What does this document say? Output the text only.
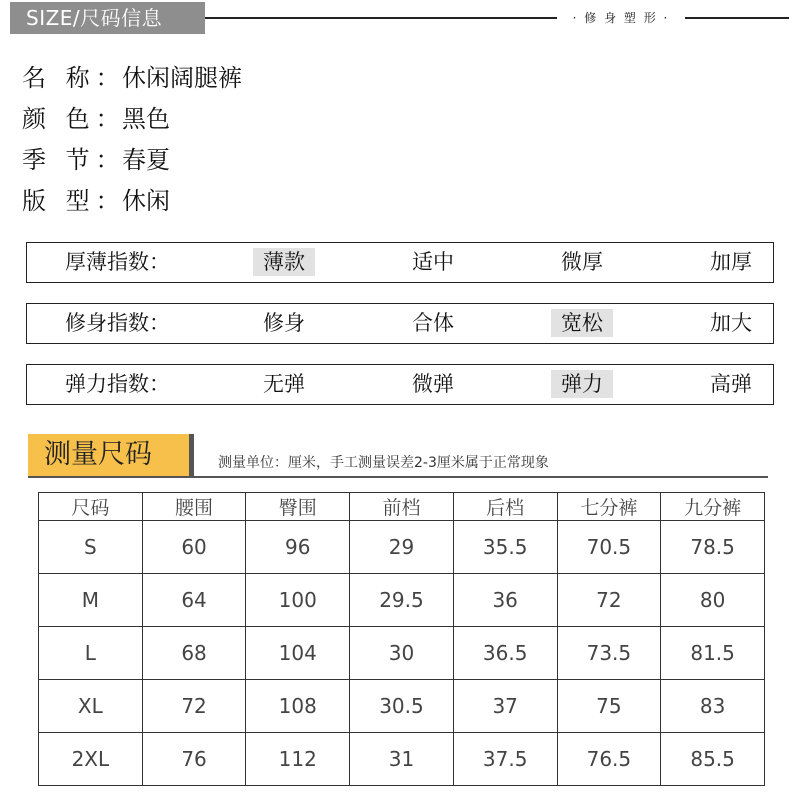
SIZE/尺码信息	· 修 身 塑 形 ·
名 称：休闲阔腿裤
颜 色：黑色
季 节：春夏
版 型：休闲
厚薄指数：	薄款	适中	微厚	加厚
修身指数：	修身	合体	宽松	加大
弹力指数：	无弹	微弹	弹力	高弹
测量尺码	测量单位：厘米，手工测量误差2-3厘米属于正常现象
尺码	腰围	臀围	前档	后档	七分裤	九分裤
S	60	96	29	35.5	70.5	78.5
M	64	100	29.5	36	72	80
L	68	104	30	36.5	73.5	81.5
XL	72	108	30.5	37	75	83
2XL	76	112	31	37.5	76.5	85.5
